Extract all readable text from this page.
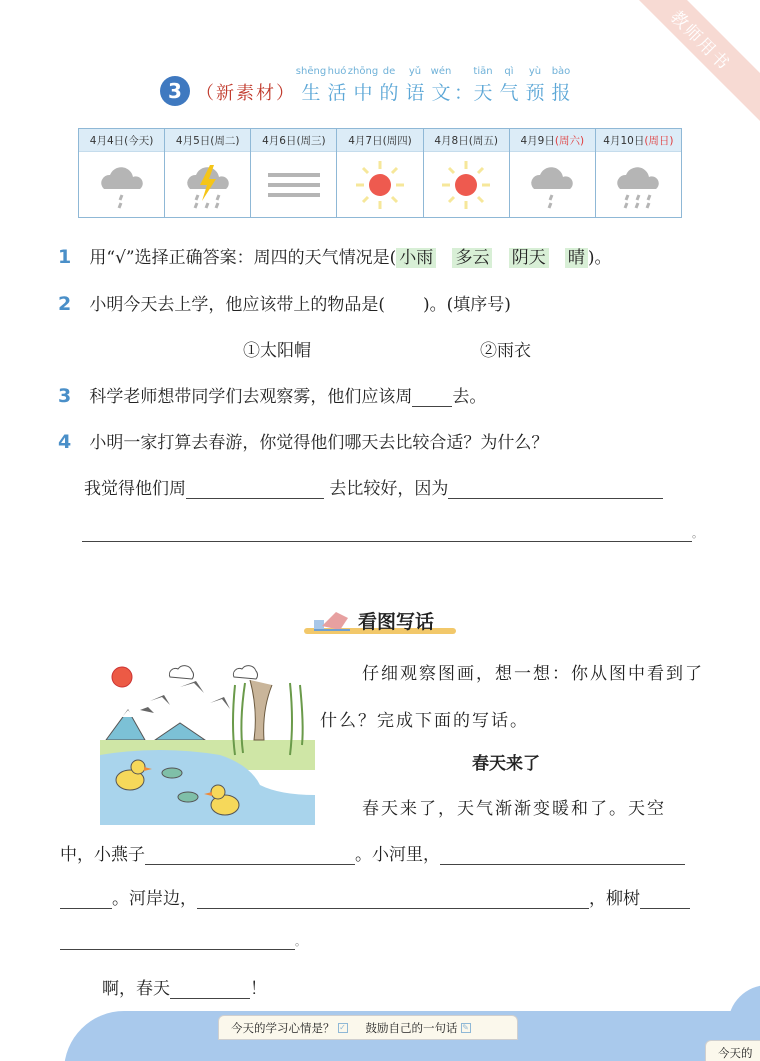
教师用书
3 （新素材）
shēng
生
huó
活
zhōng
中
de
的
yǔ
语
wén
文 ：
tiān
天
qì
气
yù
预
bào
报
4月4日 (今天) 4月5日 (周二) 4月6日 (周三) 4月7日 (周四) 4月8日 (周五) 4月9日 (周六) 4月10日 (周日)
1 用“√”选择正确答案：周四的天气情况是( 小雨 多云 阴天 晴 )。
2 小明今天去上学，他应该带上的物品是( )。(填序号)
①太阳帽	②雨衣
3 科学老师想带同学们去观察雾，他们应该周 去。
4 小明一家打算去春游，你觉得他们哪天去比较合适？为什么？
我觉得他们周	去比较好，因为
。
看图写话
仔细观察图画，想一想：你从图中看到了
什么？完成下面的写话。
春天来了
春天来了，天气渐渐变暖和了。天空
中，小燕子	。小河里，
。河岸边，	，柳树
。
啊，春天	！
今天的学习心情是？ ✓ 鼓励自己的一句话 ✎
今天的
